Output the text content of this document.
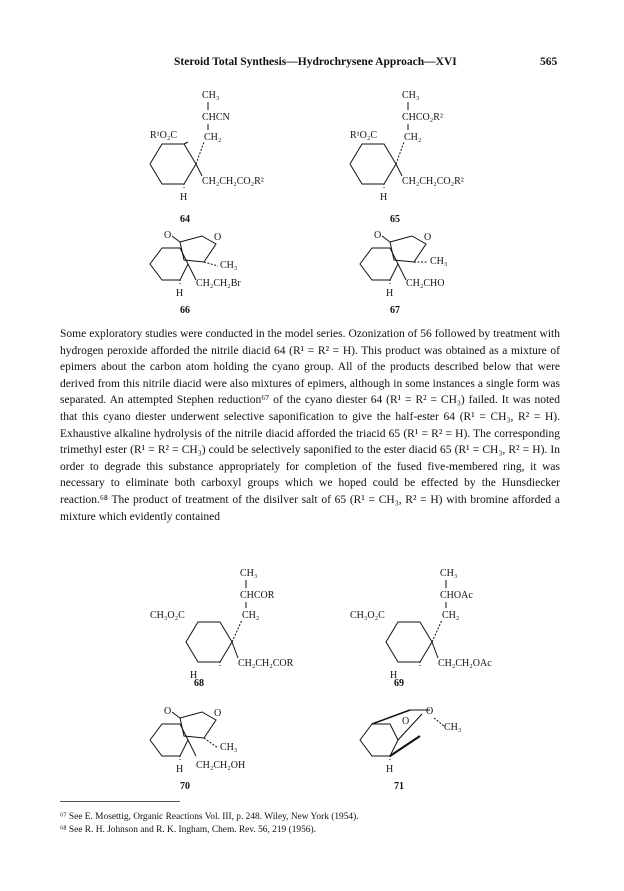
Steroid Total Synthesis—Hydrochrysene Approach—XVI	565
CH₃
CHCN
R¹O₂C	CH₂
H
CH₂CH₂CO₂R²
64
CH₃
CHCO₂R²
R¹O₂C	CH₂
H
CH₂CH₂CO₂R²
65
O	O
CH₃
H
CH₂CH₂Br
66
O	O
CH₃
H
CH₂CHO
67

Some exploratory studies were conducted in the model series. Ozonization of 56 followed by treatment with hydrogen peroxide afforded the nitrile diacid 64 (R¹ = R² = H). This product was obtained as a mixture of epimers about the carbon atom holding the cyano group. All of the products described below that were derived from this nitrile diacid were also mixtures of epimers, although in some instances a single form was separated. An attempted Stephen reduction⁶⁷ of the cyano diester 64 (R¹ = R² = CH₃) failed. It was noted that this cyano diester underwent selective saponification to give the half-ester 64 (R¹ = CH₃, R² = H). Exhaustive alkaline hydrolysis of the nitrile diacid afforded the triacid 65 (R¹ = R² = H). The corresponding trimethyl ester (R¹ = R² = CH₃) could be selectively saponified to the ester diacid 65 (R¹ = CH₃, R² = H). In order to degrade this substance appropriately for completion of the fused five-membered ring, it was necessary to eliminate both carboxyl groups which we hoped could be effected by the Hunsdiecker reaction.⁶⁸ The product of treatment of the disilver salt of 65 (R¹ = CH₃, R² = H) with bromine afforded a mixture which evidently contained

CH₃
CHCOR
CH₃O₂C	CH₂
H
CH₂CH₂COR
68
CH₃
CHOAc
CH₃O₂C	CH₂
H
CH₂CH₂OAc
69
O	O
CH₃
H CH₂CH₂OH
70
O
O
CH₃
H
71
⁶⁷ See E. Mosettig, Organic Reactions Vol. III, p. 248. Wiley, New York (1954).
⁶⁸ See R. H. Johnson and R. K. Ingham, Chem. Rev. 56, 219 (1956).
